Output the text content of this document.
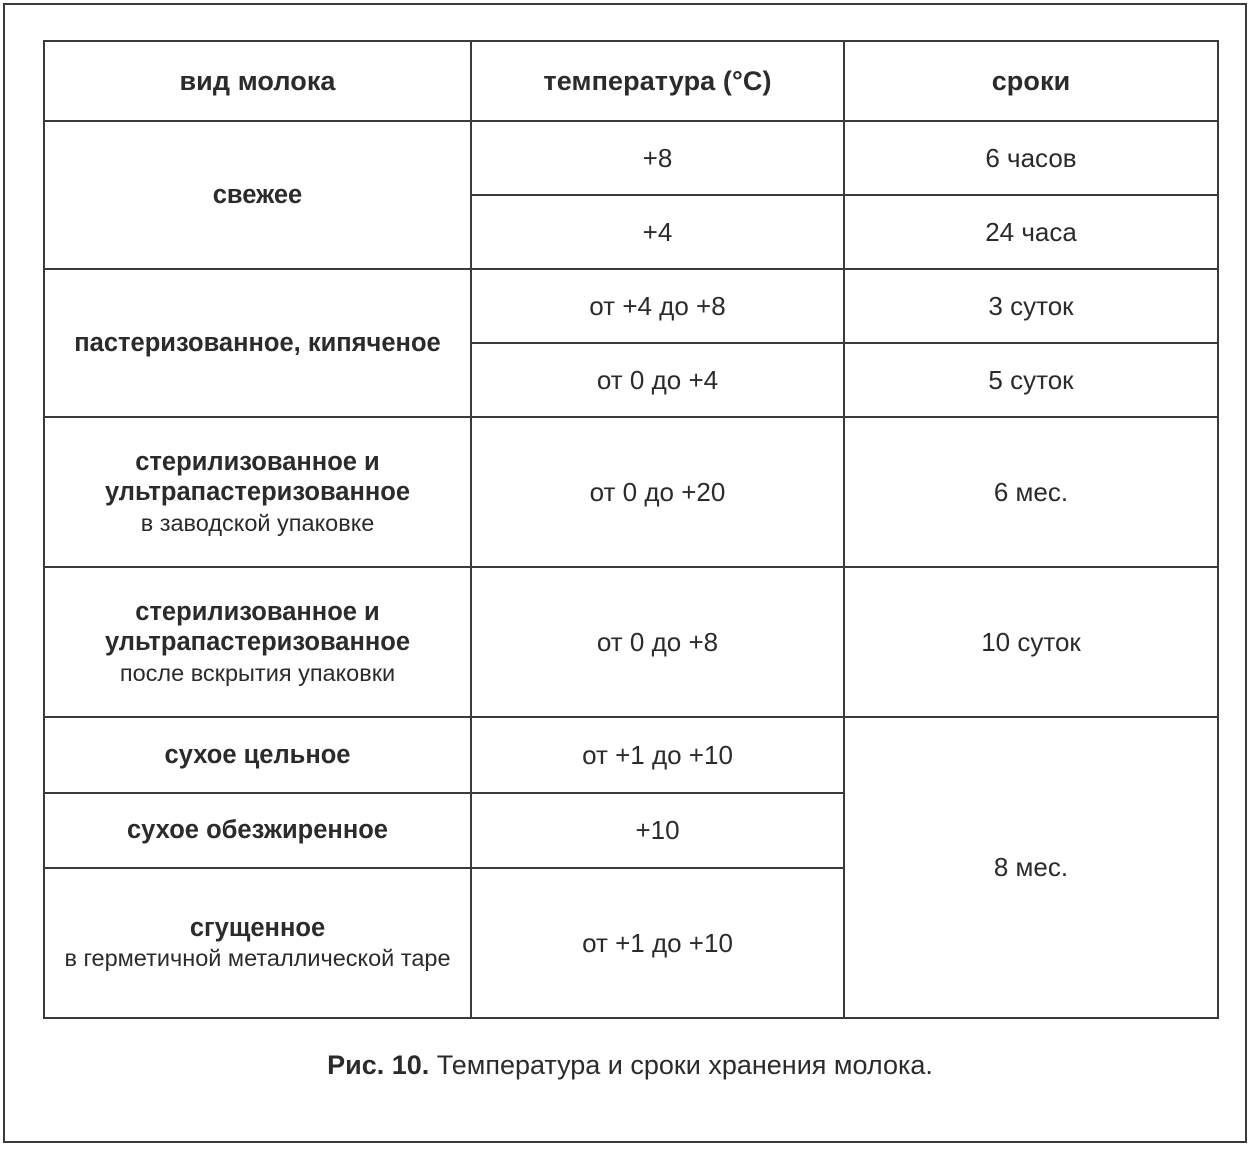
вид молока	температура (°C)	сроки

свежее	+8	6 часов
	+4	24 часа

пастеризованное, кипяченое	от +4 до +8	3 суток
	от 0 до +4	5 суток

стерилизованное и ультрапастеризованное
в заводской упаковке	от 0 до +20	6 мес.

стерилизованное и ультрапастеризованное
после вскрытия упаковки	от 0 до +8	10 суток

сухое цельное	от +1 до +10	8 мес.

сухое обезжиренное	+10	

сгущенное
в герметичной металлической таре	от +1 до +10	
Рис. 10. Температура и сроки хранения молока.
